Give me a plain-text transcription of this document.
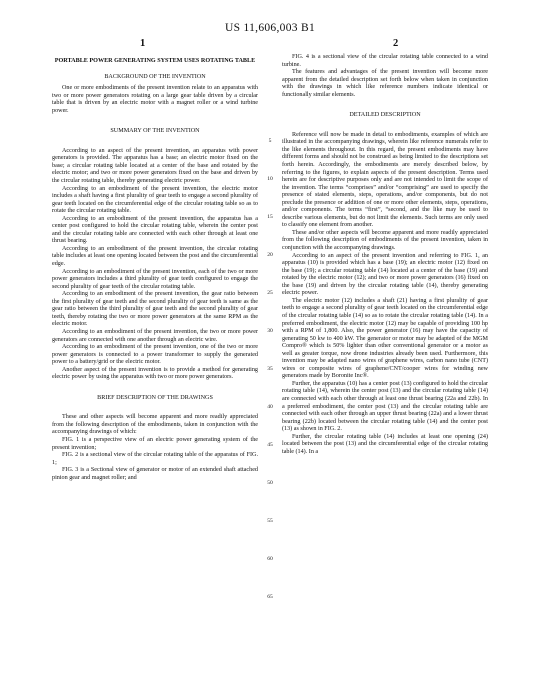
US 11,606,003 B1
1	2

PORTABLE POWER GENERATING SYSTEM USES ROTATING TABLE

BACKGROUND OF THE INVENTION

One or more embodiments of the present invention relate to an apparatus with two or more power generators rotating on a large gear table driven by a circular table that is driven by an electric motor with a magnet roller or a wind turbine power.

SUMMARY OF THE INVENTION

According to an aspect of the present invention, an apparatus with power generators is provided. The apparatus has a base; an electric motor fixed on the base; a circular rotating table located at a center of the base and rotated by the electric motor; and two or more power generators fixed on the base and driven by the circular rotating table, thereby generating electric power.

According to an embodiment of the present invention, the electric motor includes a shaft having a first plurality of gear teeth to engage a second plurality of gear teeth located on the circumferential edge of the circular rotating table so as to rotate the circular rotating table.

According to an embodiment of the present invention, the apparatus has a center post configured to hold the circular rotating table, wherein the center post and the circular rotating table are connected with each other through at least one thrust bearing.

According to an embodiment of the present invention, the circular rotating table includes at least one opening located between the post and the circumferential edge.

According to an embodiment of the present invention, each of the two or more power generators includes a third plurality of gear teeth configured to engage the second plurality of gear teeth of the circular rotating table.

According to an embodiment of the present invention, the gear ratio between the first plurality of gear teeth and the second plurality of gear teeth is same as the gear ratio between the third plurality of gear teeth and the second plurality of gear teeth, thereby rotating the two or more power generators at the same RPM as the electric motor.

According to an embodiment of the present invention, the two or more power generators are connected with one another through an electric wire.

According to an embodiment of the present invention, one of the two or more power generators is connected to a power transformer to supply the generated power to a battery/grid or the electric motor.

Another aspect of the present invention is to provide a method for generating electric power by using the apparatus with two or more power generators.

BRIEF DESCRIPTION OF THE DRAWINGS

These and other aspects will become apparent and more readily appreciated from the following description of the embodiments, taken in conjunction with the accompanying drawings of which:

FIG. 1 is a perspective view of an electric power generating system of the present invention;

FIG. 2 is a sectional view of the circular rotating table of the apparatus of FIG. 1;

FIG. 3 is a Sectional view of generator or motor of an extended shaft attached pinion gear and magnet roller; and

5
10
15
20
25
30
35
40
45
50
55
60
65

FIG. 4 is a sectional view of the circular rotating table connected to a wind turbine.

The features and advantages of the present invention will become more apparent from the detailed description set forth below when taken in conjunction with the drawings in which like reference numbers indicate identical or functionally similar elements.

DETAILED DESCRIPTION

Reference will now be made in detail to embodiments, examples of which are illustrated in the accompanying drawings, wherein like reference numerals refer to the like elements throughout. In this regard, the present embodiments may have different forms and should not be construed as being limited to the descriptions set forth herein. Accordingly, the embodiments are merely described below, by referring to the figures, to explain aspects of the present description. Terms used herein are for descriptive purposes only and are not intended to limit the scope of the invention. The terms “comprises” and/or “comprising” are used to specify the presence of stated elements, steps, operations, and/or components, but do not preclude the presence or addition of one or more other elements, steps, operations, and/or components. The terms “first”, “second, and the like may be used to describe various elements, but do not limit the elements. Such terms are only used to classify one element from another.

These and/or other aspects will become apparent and more readily appreciated from the following description of embodiments of the present invention, taken in conjunction with the accompanying drawings.

According to an aspect of the present invention and referring to FIG. 1, an apparatus (10) is provided which has a base (19); an electric motor (12) fixed on the base (19); a circular rotating table (14) located at a center of the base (19) and rotated by the electric motor (12); and two or more power generators (16) fixed on the base (19) and driven by the circular rotating table (14), thereby generating electric power.

The electric motor (12) includes a shaft (21) having a first plurality of gear teeth to engage a second plurality of gear teeth located on the circumferential edge of the circular rotating table (14) so as to rotate the circular rotating table (14). In a preferred embodiment, the electric motor (12) may be capable of providing 100 hp with a RPM of 1,800. Also, the power generator (16) may have the capacity of generating 50 kw to 400 kW. The generator or motor may be adapted of the MGM Compro® which is 50% lighter than other conventional generator or a motor as well as greater torque, now drone industries already been used. Furthermore, this invention may be adapted nano wires of graphene wires, carbon nano tube (CNT) wires or composite wires of graphene/CNT/cooper wires for winding new generators made by Boronite Inc®.

Further, the apparatus (10) has a center post (13) configured to hold the circular rotating table (14), wherein the center post (13) and the circular rotating table (14) are connected with each other through at least one thrust bearing (22a and 22b). In a preferred embodiment, the center post (13) and the circular rotating table are connected with each other through an upper thrust bearing (22a) and a lower thrust bearing (22b) located between the circular rotating table (14) and the center post (13) as shown in FIG. 2.

Further, the circular rotating table (14) includes at least one opening (24) located between the post (13) and the circumferential edge of the circular rotating table (14). In a
